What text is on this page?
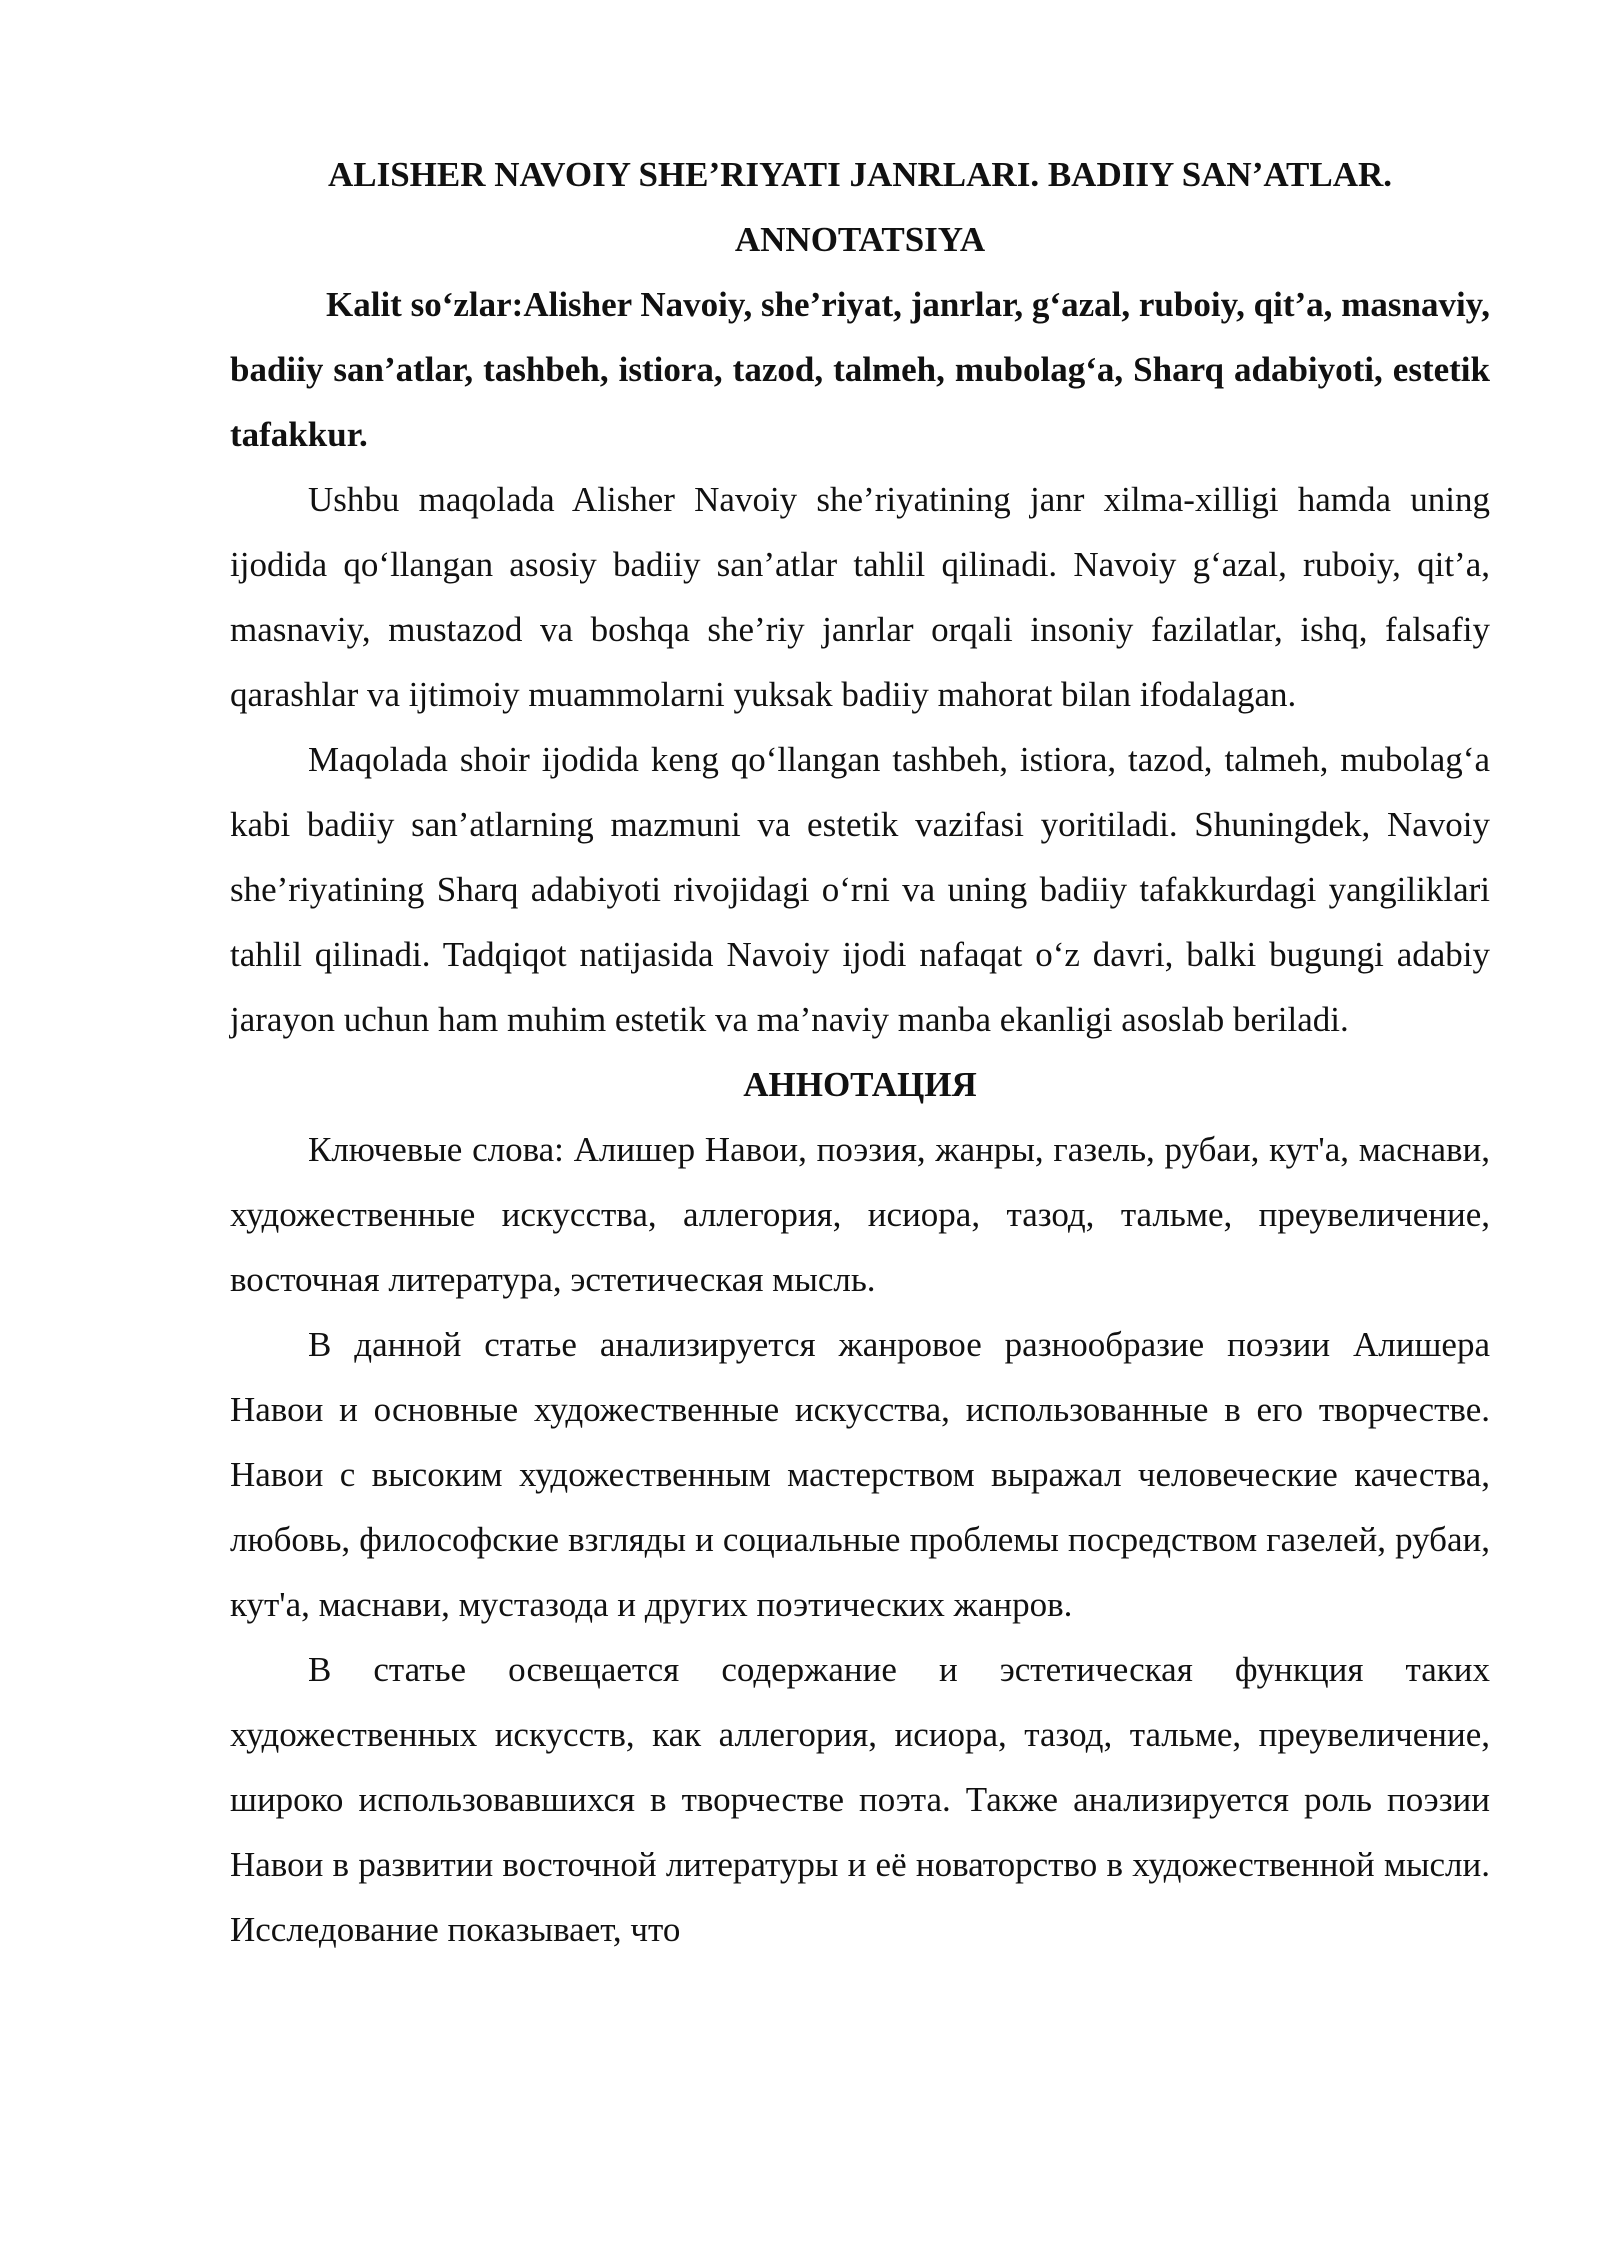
ALISHER NAVOIY SHE’RIYATI JANRLARI. BADIIY SAN’ATLAR.

ANNOTATSIYA

Kalit so‘zlar:Alisher Navoiy, she’riyat, janrlar, g‘azal, ruboiy, qit’a, masnaviy, badiiy san’atlar, tashbeh, istiora, tazod, talmeh, mubolag‘a, Sharq adabiyoti, estetik tafakkur.

Ushbu maqolada Alisher Navoiy she’riyatining janr xilma-xilligi hamda uning ijodida qo‘llangan asosiy badiiy san’atlar tahlil qilinadi. Navoiy g‘azal, ruboiy, qit’a, masnaviy, mustazod va boshqa she’riy janrlar orqali insoniy fazilatlar, ishq, falsafiy qarashlar va ijtimoiy muammolarni yuksak badiiy mahorat bilan ifodalagan.

Maqolada shoir ijodida keng qo‘llangan tashbeh, istiora, tazod, talmeh, mubolag‘a kabi badiiy san’atlarning mazmuni va estetik vazifasi yoritiladi. Shuningdek, Navoiy she’riyatining Sharq adabiyoti rivojidagi o‘rni va uning badiiy tafakkurdagi yangiliklari tahlil qilinadi. Tadqiqot natijasida Navoiy ijodi nafaqat o‘z davri, balki bugungi adabiy jarayon uchun ham muhim estetik va ma’naviy manba ekanligi asoslab beriladi.

АННОТАЦИЯ

Ключевые слова: Алишер Навои, поэзия, жанры, газель, рубаи, кут'а, маснави, художественные искусства, аллегория, исиора, тазод, тальме, преувеличение, восточная литература, эстетическая мысль.

В данной статье анализируется жанровое разнообразие поэзии Алишера Навои и основные художественные искусства, использованные в его творчестве. Навои с высоким художественным мастерством выражал человеческие качества, любовь, философские взгляды и социальные проблемы посредством газелей, рубаи, кут'а, маснави, мустазода и других поэтических жанров.

В статье освещается содержание и эстетическая функция таких художественных искусств, как аллегория, исиора, тазод, тальме, преувеличение, широко использовавшихся в творчестве поэта. Также анализируется роль поэзии Навои в развитии восточной литературы и её новаторство в художественной мысли. Исследование показывает, что
